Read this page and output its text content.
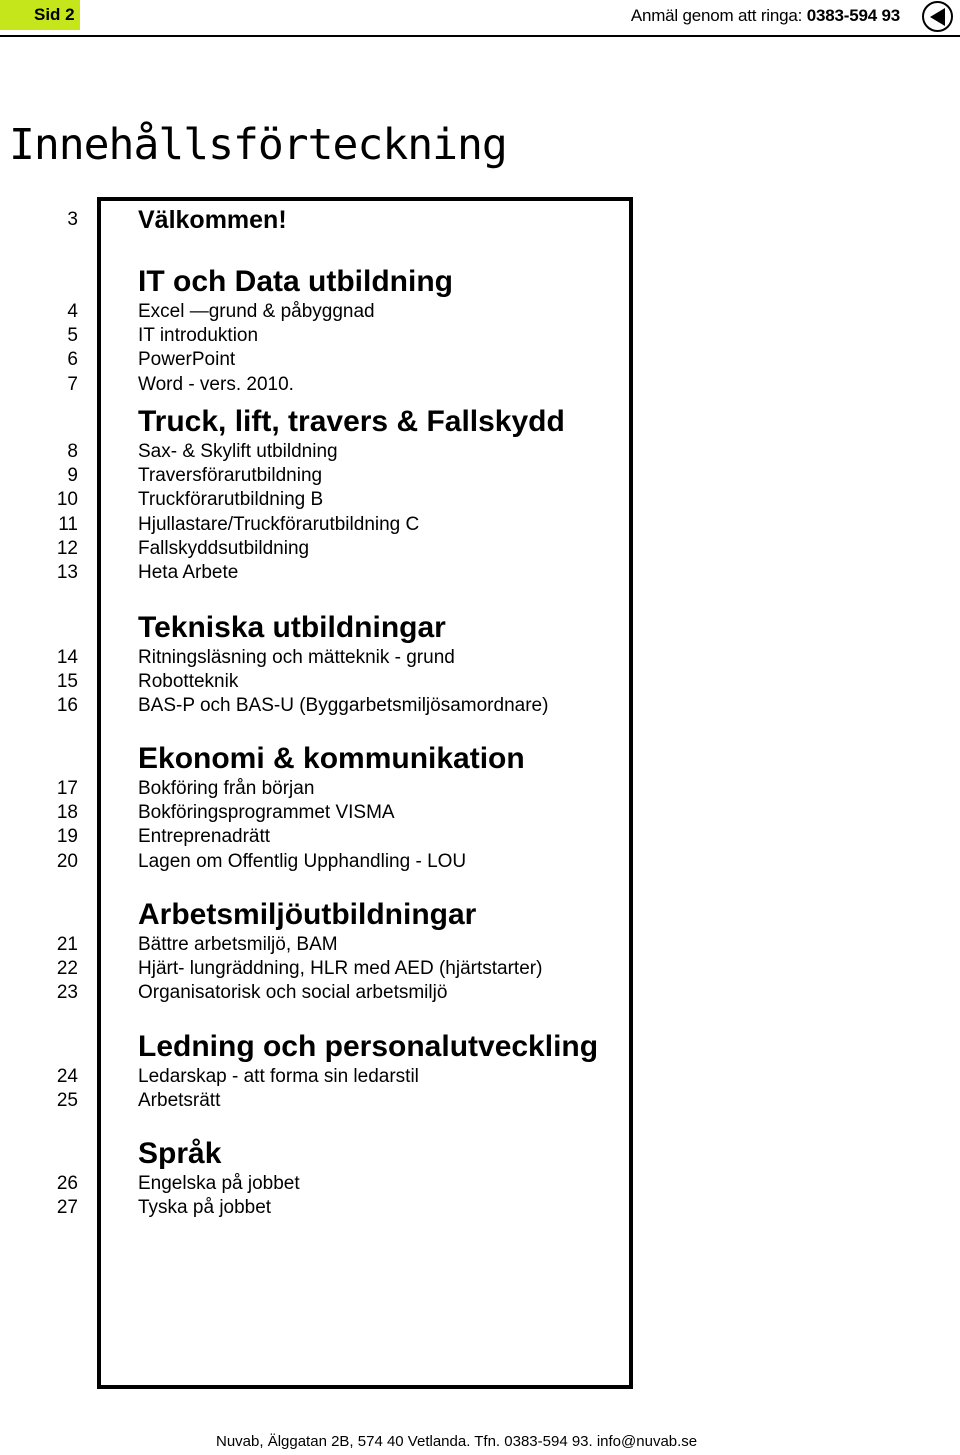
Sid 2	Anmäl genom att ringa: 0383-594 93
Innehållsförteckning
3 Välkommen!
IT och Data utbildning
4	Excel —grund & påbyggnad
5	IT introduktion
6	PowerPoint
7	Word - vers. 2010.
Truck, lift, travers & Fallskydd
8	Sax- & Skylift utbildning
9	Traversförarutbildning
10	Truckförarutbildning B
11	Hjullastare/Truckförarutbildning C
12	Fallskyddsutbildning
13	Heta Arbete
Tekniska utbildningar
14	Ritningsläsning och mätteknik - grund
15	Robotteknik
16	BAS-P och BAS-U (Byggarbetsmiljösamordnare)
Ekonomi & kommunikation
17	Bokföring från början
18	Bokföringsprogrammet VISMA
19	Entreprenadrätt
20	Lagen om Offentlig Upphandling - LOU
Arbetsmiljöutbildningar
21	Bättre arbetsmiljö, BAM
22	Hjärt- lungräddning, HLR med AED (hjärtstarter)
23	Organisatorisk och social arbetsmiljö
Ledning och personalutveckling
24	Ledarskap - att forma sin ledarstil
25	Arbetsrätt
Språk
26	Engelska på jobbet
27	Tyska på jobbet
Nuvab, Älggatan 2B, 574 40 Vetlanda. Tfn. 0383-594 93. info@nuvab.se
